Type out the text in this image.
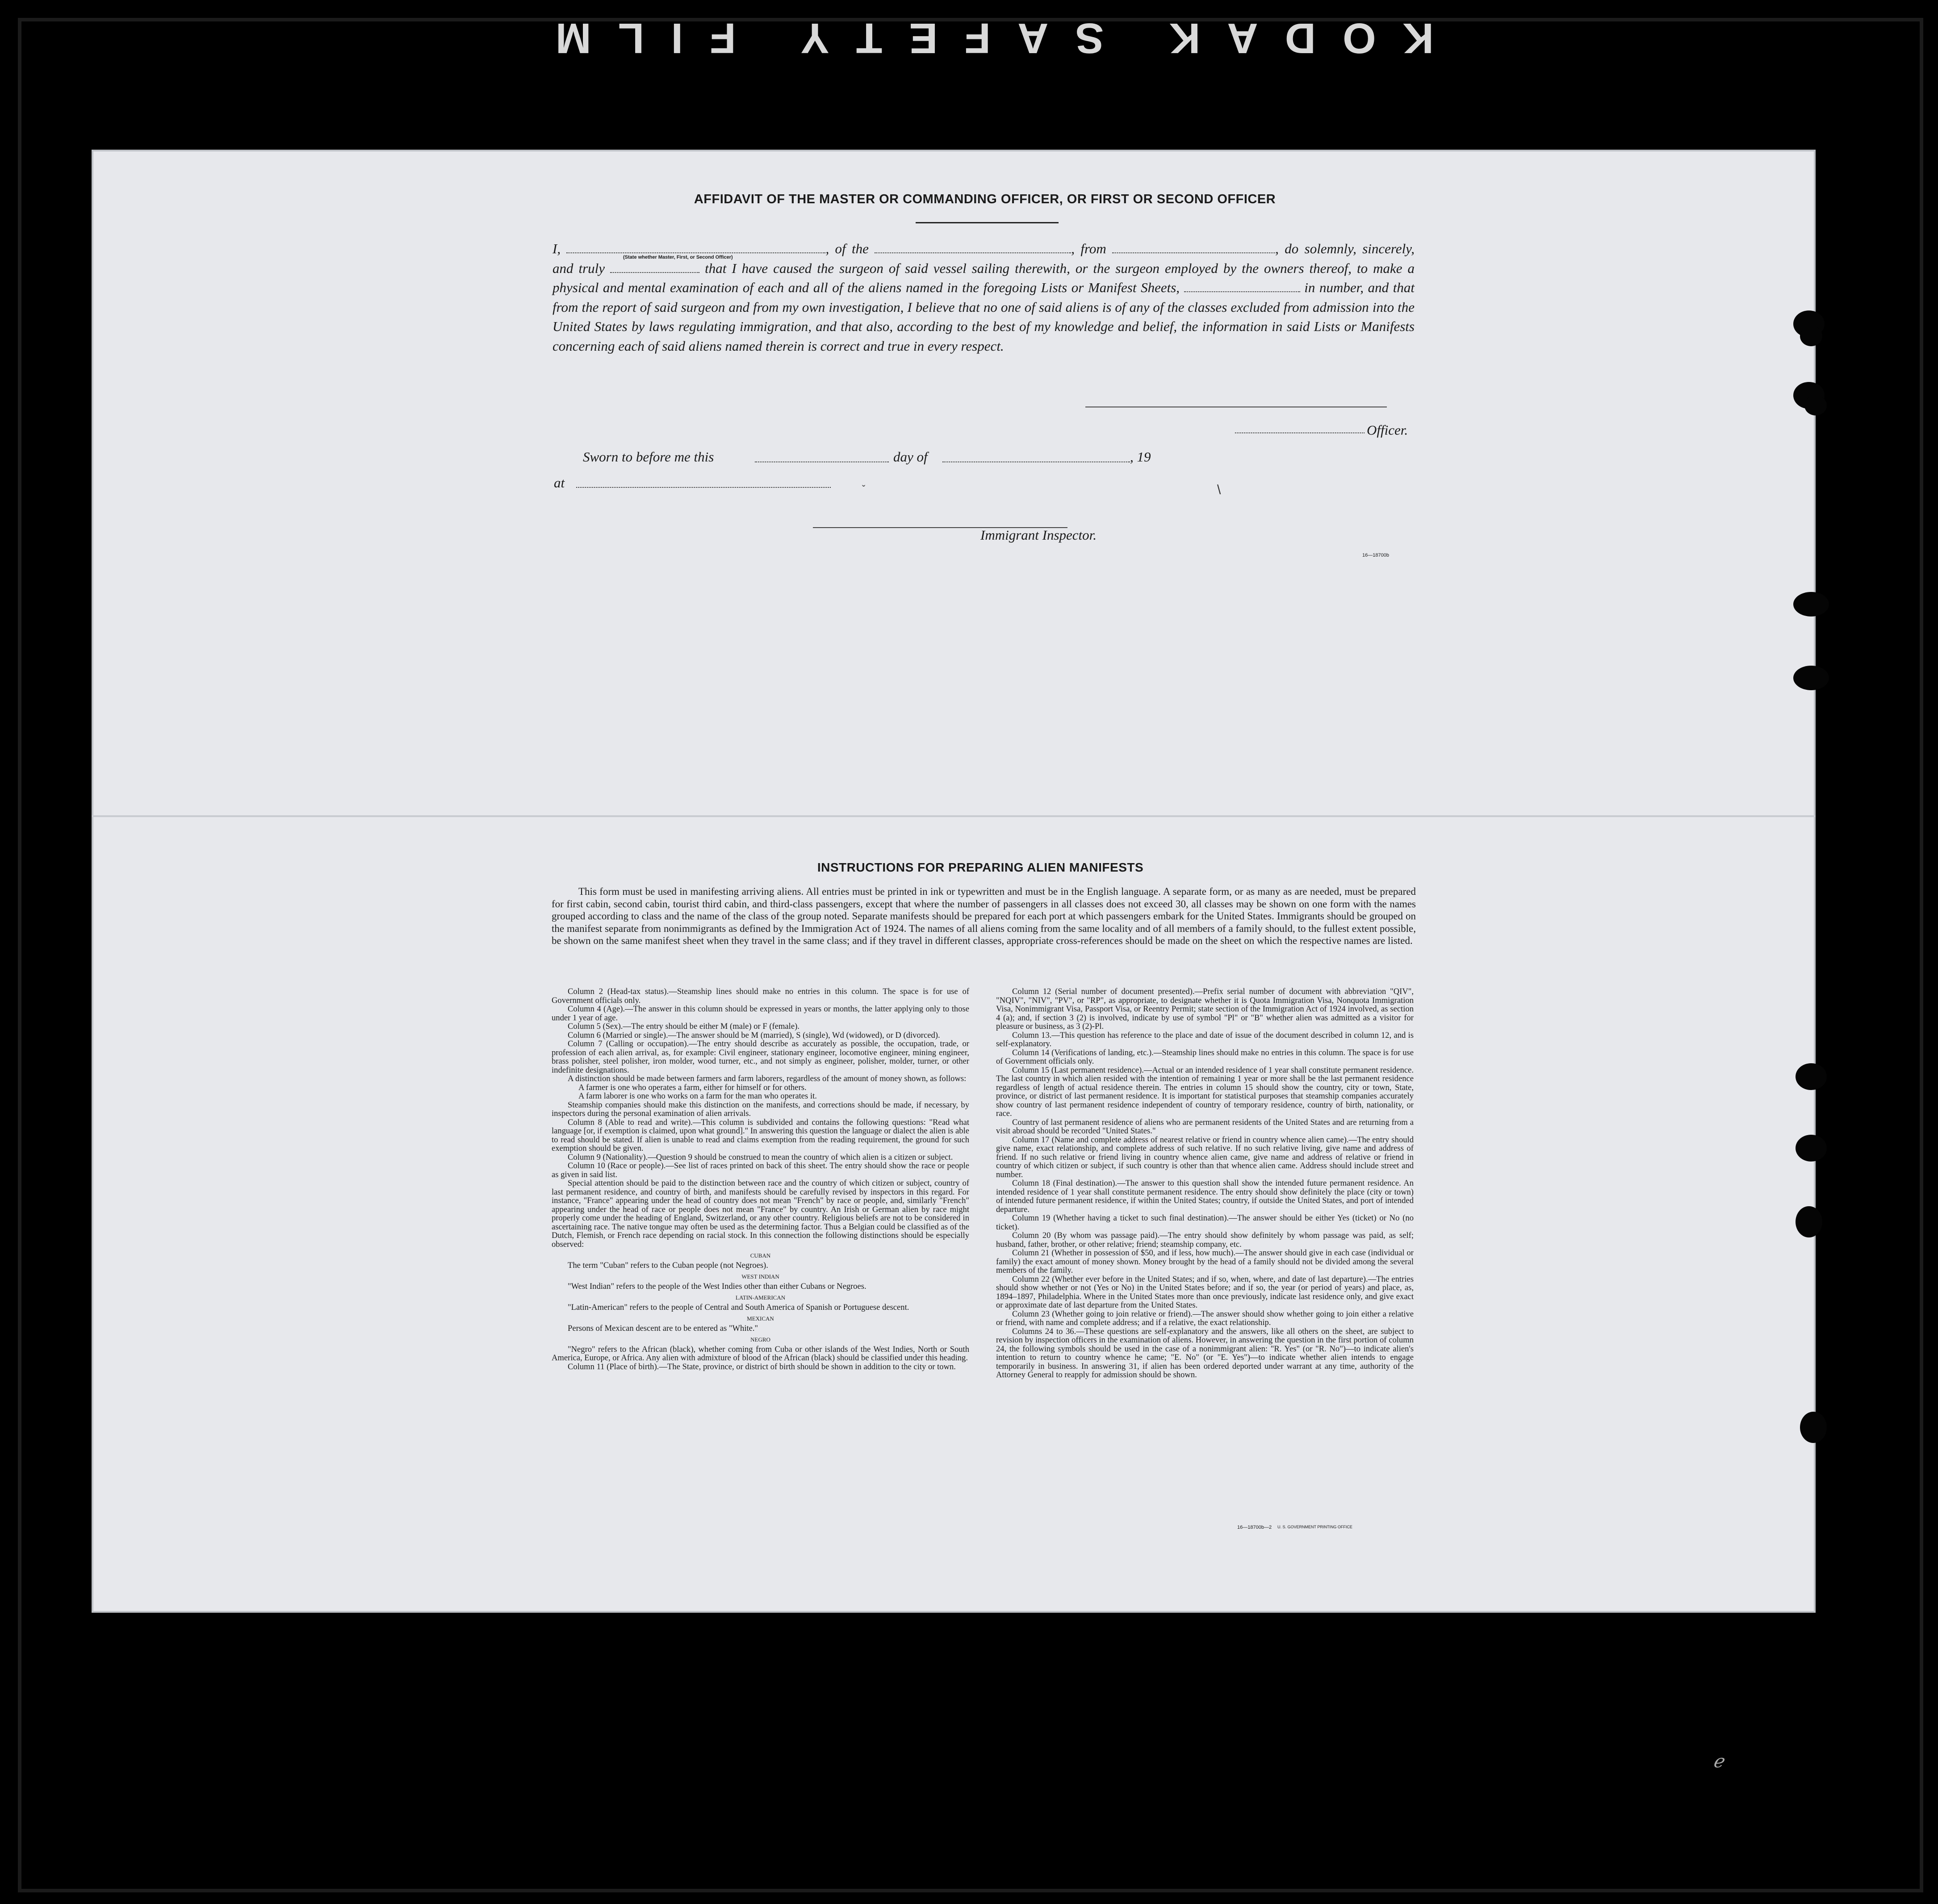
KODAK SAFETY FILM
AFFIDAVIT OF THE MASTER OR COMMANDING OFFICER, OR FIRST OR SECOND OFFICER
I,	, of the	, from	, do solemnly, sincerely, and truly	that I have caused the surgeon of said vessel sailing therewith, or the surgeon employed by the owners thereof, to make a physical and mental examination of each and all of the aliens named in the foregoing Lists or Manifest Sheets,	in number, and that from the report of said surgeon and from my own investigation, I believe that no one of said aliens is of any of the classes excluded from admission into the United States by laws regulating immigration, and that also, according to the best of my knowledge and belief, the information in said Lists or Manifests concerning each of said aliens named therein is correct and true in every respect.
(State whether Master, First, or Second Officer)
Officer.
Sworn to before me this	day of	, 19
at
Immigrant Inspector.
16—18700b
ˇ	\
INSTRUCTIONS FOR PREPARING ALIEN MANIFESTS
This form must be used in manifesting arriving aliens. All entries must be printed in ink or typewritten and must be in the English language. A separate form, or as many as are needed, must be prepared for first cabin, second cabin, tourist third cabin, and third-class passengers, except that where the number of passengers in all classes does not exceed 30, all classes may be shown on one form with the names grouped according to class and the name of the class of the group noted. Separate manifests should be prepared for each port at which passengers embark for the United States. Immigrants should be grouped on the manifest separate from nonimmigrants as defined by the Immigration Act of 1924. The names of all aliens coming from the same locality and of all members of a family should, to the fullest extent possible, be shown on the same manifest sheet when they travel in the same class; and if they travel in different classes, appropriate cross-references should be made on the sheet on which the respective names are listed.

Column 2 (Head-tax status).—Steamship lines should make no entries in this column. The space is for use of Government officials only.

Column 4 (Age).—The answer in this column should be expressed in years or months, the latter applying only to those under 1 year of age.

Column 5 (Sex).—The entry should be either M (male) or F (female).

Column 6 (Married or single).—The answer should be M (married), S (single), Wd (widowed), or D (divorced).

Column 7 (Calling or occupation).—The entry should describe as accurately as possible, the occupation, trade, or profession of each alien arrival, as, for example: Civil engineer, stationary engineer, locomotive engineer, mining engineer, brass polisher, steel polisher, iron molder, wood turner, etc., and not simply as engineer, polisher, molder, turner, or other indefinite designations.

A distinction should be made between farmers and farm laborers, regardless of the amount of money shown, as follows:

A farmer is one who operates a farm, either for himself or for others.

A farm laborer is one who works on a farm for the man who operates it.

Steamship companies should make this distinction on the manifests, and corrections should be made, if necessary, by inspectors during the personal examination of alien arrivals.

Column 8 (Able to read and write).—This column is subdivided and contains the following questions: "Read what language [or, if exemption is claimed, upon what ground]." In answering this question the language or dialect the alien is able to read should be stated. If alien is unable to read and claims exemption from the reading requirement, the ground for such exemption should be given.

Column 9 (Nationality).—Question 9 should be construed to mean the country of which alien is a citizen or subject.

Column 10 (Race or people).—See list of races printed on back of this sheet. The entry should show the race or people as given in said list.

Special attention should be paid to the distinction between race and the country of which citizen or subject, country of last permanent residence, and country of birth, and manifests should be carefully revised by inspectors in this regard. For instance, "France" appearing under the head of country does not mean "French" by race or people, and, similarly "French" appearing under the head of race or people does not mean "France" by country. An Irish or German alien by race might properly come under the heading of England, Switzerland, or any other country. Religious beliefs are not to be considered in ascertaining race. The native tongue may often be used as the determining factor. Thus a Belgian could be classified as of the Dutch, Flemish, or French race depending on racial stock. In this connection the following distinctions should be especially observed:

CUBAN

The term "Cuban" refers to the Cuban people (not Negroes).

WEST INDIAN

"West Indian" refers to the people of the West Indies other than either Cubans or Negroes.

LATIN-AMERICAN

"Latin-American" refers to the people of Central and South America of Spanish or Portuguese descent.

MEXICAN

Persons of Mexican descent are to be entered as "White."

NEGRO

"Negro" refers to the African (black), whether coming from Cuba or other islands of the West Indies, North or South America, Europe, or Africa. Any alien with admixture of blood of the African (black) should be classified under this heading.

Column 11 (Place of birth).—The State, province, or district of birth should be shown in addition to the city or town.

Column 12 (Serial number of document presented).—Prefix serial number of document with abbreviation "QIV", "NQIV", "NIV", "PV", or "RP", as appropriate, to designate whether it is Quota Immigration Visa, Nonquota Immigration Visa, Nonimmigrant Visa, Passport Visa, or Reentry Permit; state section of the Immigration Act of 1924 involved, as section 4 (a); and, if section 3 (2) is involved, indicate by use of symbol "Pl" or "B" whether alien was admitted as a visitor for pleasure or business, as 3 (2)-Pl.

Column 13.—This question has reference to the place and date of issue of the document described in column 12, and is self-explanatory.

Column 14 (Verifications of landing, etc.).—Steamship lines should make no entries in this column. The space is for use of Government officials only.

Column 15 (Last permanent residence).—Actual or an intended residence of 1 year shall constitute permanent residence. The last country in which alien resided with the intention of remaining 1 year or more shall be the last permanent residence regardless of length of actual residence therein. The entries in column 15 should show the country, city or town, State, province, or district of last permanent residence. It is important for statistical purposes that steamship companies accurately show country of last permanent residence independent of country of temporary residence, country of birth, nationality, or race.

Country of last permanent residence of aliens who are permanent residents of the United States and are returning from a visit abroad should be recorded "United States."

Column 17 (Name and complete address of nearest relative or friend in country whence alien came).—The entry should give name, exact relationship, and complete address of such relative. If no such relative living, give name and address of friend. If no such relative or friend living in country whence alien came, give name and address of relative or friend in country of which citizen or subject, if such country is other than that whence alien came. Address should include street and number.

Column 18 (Final destination).—The answer to this question shall show the intended future permanent residence. An intended residence of 1 year shall constitute permanent residence. The entry should show definitely the place (city or town) of intended future permanent residence, if within the United States; country, if outside the United States, and port of intended departure.

Column 19 (Whether having a ticket to such final destination).—The answer should be either Yes (ticket) or No (no ticket).

Column 20 (By whom was passage paid).—The entry should show definitely by whom passage was paid, as self; husband, father, brother, or other relative; friend; steamship company, etc.

Column 21 (Whether in possession of $50, and if less, how much).—The answer should give in each case (individual or family) the exact amount of money shown. Money brought by the head of a family should not be divided among the several members of the family.

Column 22 (Whether ever before in the United States; and if so, when, where, and date of last departure).—The entries should show whether or not (Yes or No) in the United States before; and if so, the year (or period of years) and place, as, 1894–1897, Philadelphia. Where in the United States more than once previously, indicate last residence only, and give exact or approximate date of last departure from the United States.

Column 23 (Whether going to join relative or friend).—The answer should show whether going to join either a relative or friend, with name and complete address; and if a relative, the exact relationship.

Columns 24 to 36.—These questions are self-explanatory and the answers, like all others on the sheet, are subject to revision by inspection officers in the examination of aliens. However, in answering the question in the first portion of column 24, the following symbols should be used in the case of a nonimmigrant alien: "R. Yes" (or "R. No")—to indicate alien's intention to return to country whence he came; "E. No" (or "E. Yes")—to indicate whether alien intends to engage temporarily in business. In answering 31, if alien has been ordered deported under warrant at any time, authority of the Attorney General to reapply for admission should be shown.

16—18700b—2 U. S. GOVERNMENT PRINTING OFFICE
ℯ
